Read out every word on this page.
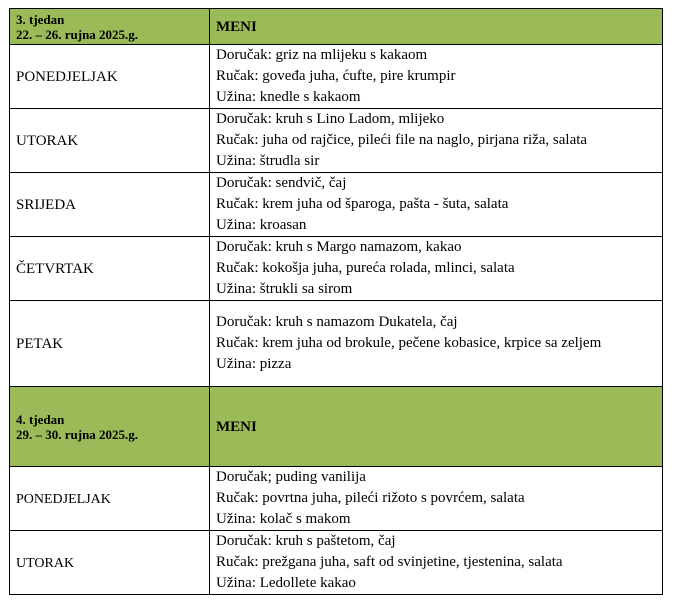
3. tjedan
22. – 26. rujna 2025.g.	MENI
PONEDJELJAK	Doručak: griz na mlijeku s kakaom
Ručak: goveđa juha, ćufte, pire krumpir
Užina: knedle s kakaom

UTORAK	Doručak: kruh s Lino Ladom, mlijeko
Ručak: juha od rajčice, pileći file na naglo, pirjana riža, salata
Užina: štrudla sir

SRIJEDA	Doručak: sendvič, čaj
Ručak: krem juha od šparoga, pašta - šuta, salata
Užina: kroasan

ČETVRTAK	Doručak: kruh s Margo namazom, kakao
Ručak: kokošja juha, pureća rolada, mlinci, salata
Užina: štrukli sa sirom

PETAK	Doručak: kruh s namazom Dukatela, čaj
Ručak: krem juha od brokule, pečene kobasice, krpice sa zeljem
Užina: pizza

4. tjedan
29. – 30. rujna 2025.g.	MENI
PONEDJELJAK	Doručak; puding vanilija
Ručak: povrtna juha, pileći rižoto s povrćem, salata
Užina: kolač s makom

UTORAK	Doručak: kruh s paštetom, čaj
Ručak: prežgana juha, saft od svinjetine, tjestenina, salata
Užina: Ledollete kakao
